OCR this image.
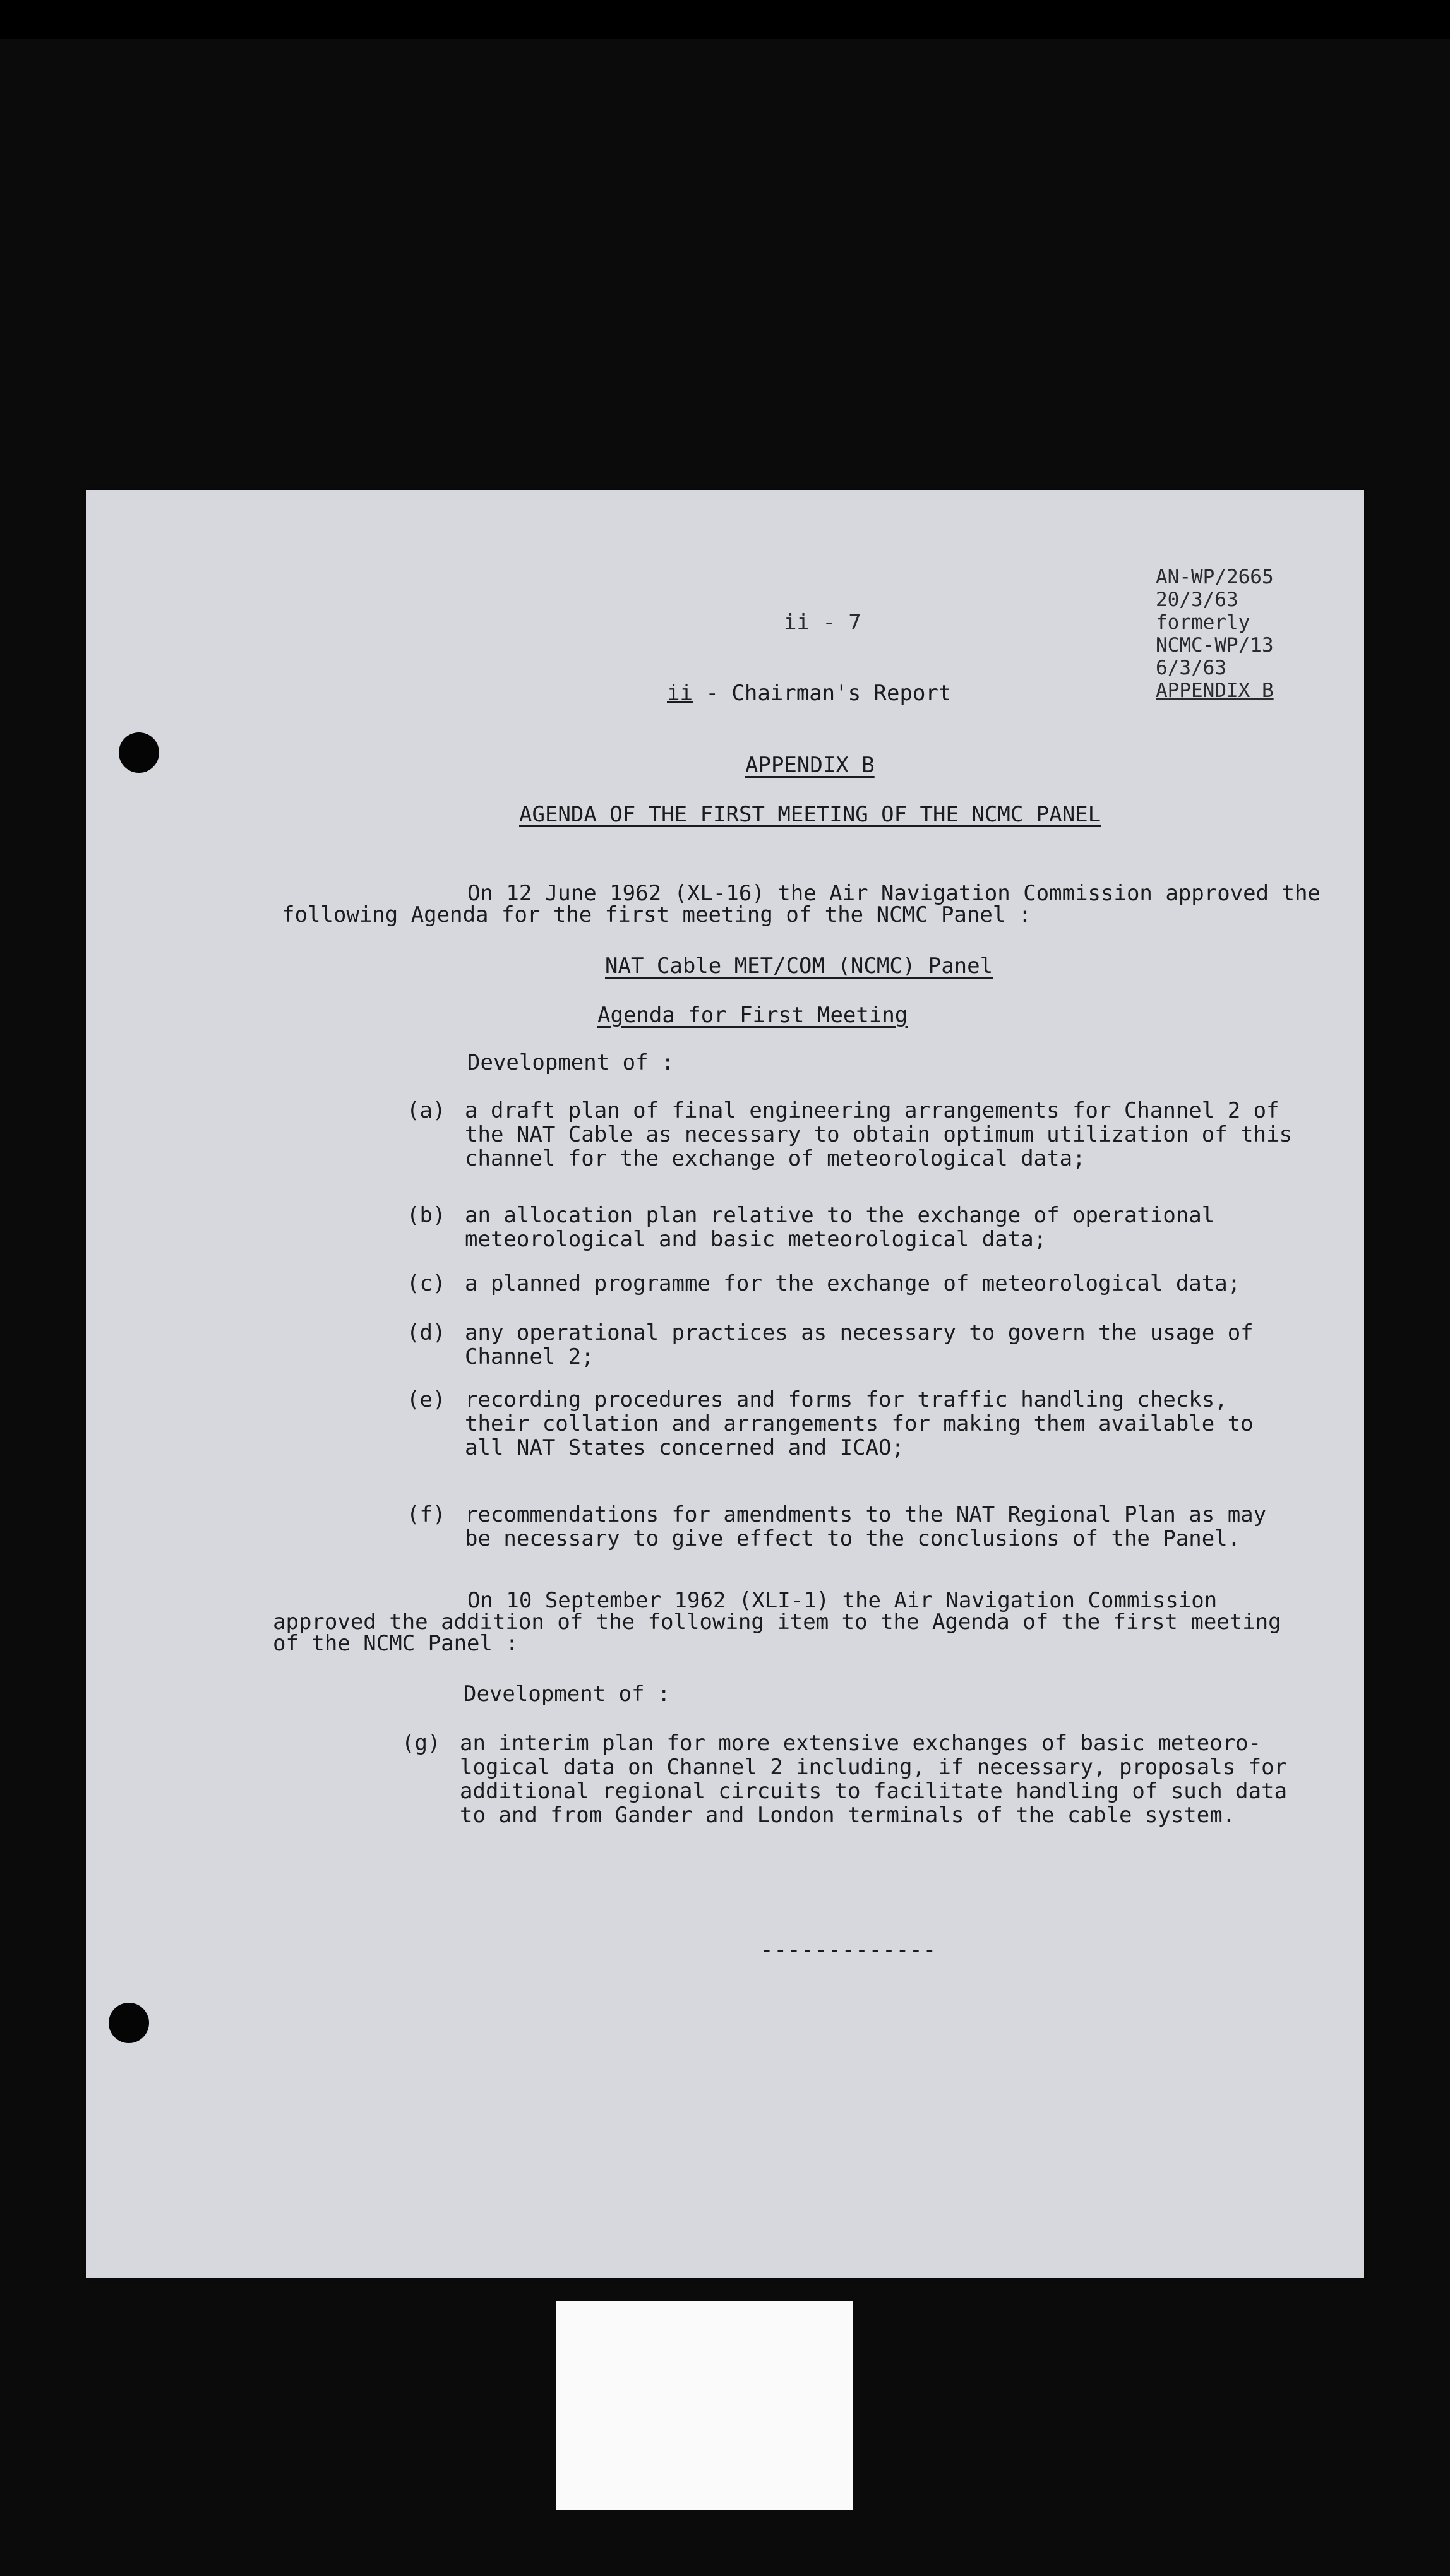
AN-WP/2665
20/3/63
formerly
NCMC-WP/13
6/3/63
APPENDIX B
ii - 7
ii - Chairman's Report
APPENDIX B
AGENDA OF THE FIRST MEETING OF THE NCMC PANEL
On 12 June 1962 (XL-16) the Air Navigation Commission approved the
following Agenda for the first meeting of the NCMC Panel :
NAT Cable MET/COM (NCMC) Panel
Agenda for First Meeting
Development of :
(a) a draft plan of final engineering arrangements for Channel 2 of
the NAT Cable as necessary to obtain optimum utilization of this
channel for the exchange of meteorological data;
(b) an allocation plan relative to the exchange of operational
meteorological and basic meteorological data;
(c) a planned programme for the exchange of meteorological data;
(d) any operational practices as necessary to govern the usage of
Channel 2;
(e) recording procedures and forms for traffic handling checks,
their collation and arrangements for making them available to
all NAT States concerned and ICAO;
(f) recommendations for amendments to the NAT Regional Plan as may
be necessary to give effect to the conclusions of the Panel.
On 10 September 1962 (XLI-1) the Air Navigation Commission
approved the addition of the following item to the Agenda of the first meeting
of the NCMC Panel :
Development of :
(g) an interim plan for more extensive exchanges of basic meteoro-
logical data on Channel 2 including, if necessary, proposals for
additional regional circuits to facilitate handling of such data
to and from Gander and London terminals of the cable system.
-------------
